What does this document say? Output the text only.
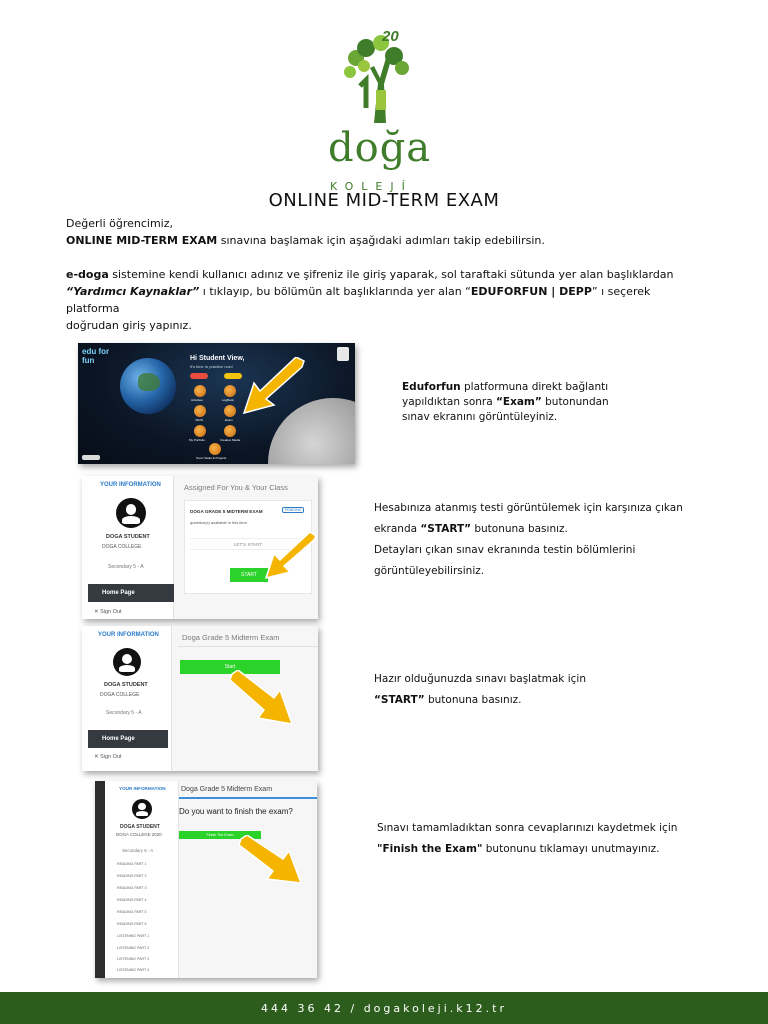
20
doğa
KOLEJİ
ONLINE MID-TERM EXAM

Değerli öğrencimiz,

ONLINE MID-TERM EXAM sınavına başlamak için aşağıdaki adımları takip edebilirsin.

e-doga sistemine kendi kullanıcı adınız ve şifreniz ile giriş yaparak, sol taraftaki sütunda yer alan başlıklardan

“Yardımcı Kaynaklar” ı tıklayıp, bu bölümün alt başlıklarında yer alan “EDUFORFUN | DEPP” ı seçerek platforma

doğrudan giriş yapınız.

edu for fun	Hi Student View,
It's time to practice now!
Activities	LogBook
JSON	Exam
My Portfolio	Creative Media
Team Tasks & Projects
Eduforfun platformuna direkt bağlantı
yapıldıktan sonra “Exam” butonundan
sınav ekranını görüntüleyiniz.
YOUR INFORMATION
DOGA STUDENT
DOGA COLLEGE
Secondary 5 - A
Home Page
✕ Sign Out
Assigned For You & Your Class
DOGA GRADE 5 MIDTERM EXAM	PENDING
question(s) available in this item
LET'S START
START
Hesabınıza atanmış testi görüntülemek için karşınıza çıkan
ekranda “START” butonuna basınız.
Detayları çıkan sınav ekranında testin bölümlerini
görüntüleyebilirsiniz.
YOUR INFORMATION
DOGA STUDENT
DOGA COLLEGE
Secondary 5 - A
Home Page
✕ Sign Out
Doga Grade 5 Midterm Exam
Start
Hazır olduğunuzda sınavı başlatmak için
“START” butonuna basınız.
YOUR INFORMATION
DOGA STUDENT
DOGA COLLEGE 2020
Secondary 5 - A
READING PART 1
READING PART 2
READING PART 3
READING PART 4
READING PART 5
READING PART 6
LISTENING PART 1
LISTENING PART 2
LISTENING PART 3
LISTENING PART 4
Doga Grade 5 Midterm Exam
Do you want to finish the exam?
Finish The Exam
Sınavı tamamladıktan sonra cevaplarınızı kaydetmek için
"Finish the Exam" butonunu tıklamayı unutmayınız.
444 36 42 / dogakoleji.k12.tr
